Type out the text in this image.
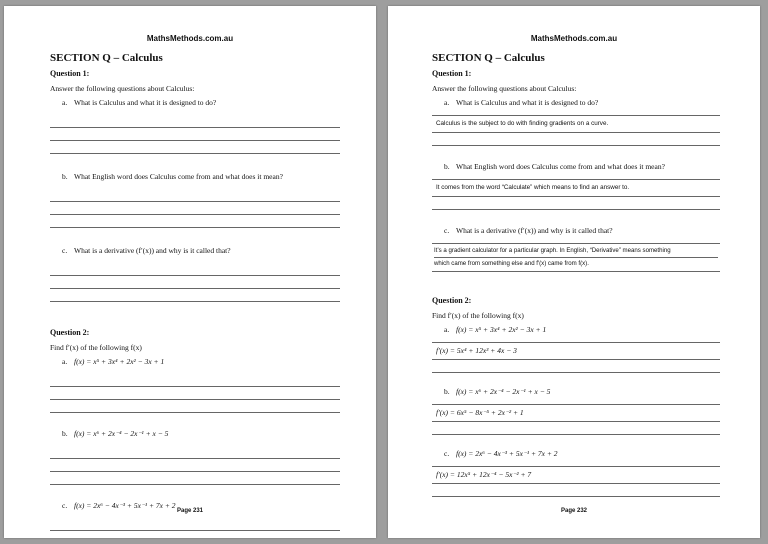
MathsMethods.com.au
SECTION Q – Calculus
Question 1:
Answer the following questions about Calculus:
a. What is Calculus and what it is designed to do?
b. What English word does Calculus come from and what does it mean?
c. What is a derivative (f′(x)) and why is it called that?
Question 2:
Find f′(x) of the following f(x)
a. f(x) = x⁵ + 3x⁴ + 2x² − 3x + 1
b. f(x) = x⁶ + 2x⁻⁴ − 2x⁻¹ + x − 5
c. f(x) = 2x⁶ − 4x⁻³ + 5x⁻¹ + 7x + 2
Page 231
MathsMethods.com.au
SECTION Q – Calculus
Question 1:
Answer the following questions about Calculus:
a. What is Calculus and what it is designed to do?
Calculus is the subject to do with finding gradients on a curve.
b. What English word does Calculus come from and what does it mean?
It comes from the word “Calculate” which means to find an answer to.
c. What is a derivative (f′(x)) and why is it called that?
It’s a gradient calculator for a particular graph. In English, “Derivative” means something
which came from something else and f′(x) came from f(x).
Question 2:
Find f′(x) of the following f(x)
a. f(x) = x⁵ + 3x⁴ + 2x² − 3x + 1
f′(x) = 5x⁴ + 12x³ + 4x − 3
b. f(x) = x⁶ + 2x⁻⁴ − 2x⁻¹ + x − 5
f′(x) = 6x⁵ − 8x⁻⁵ + 2x⁻² + 1
c. f(x) = 2x⁶ − 4x⁻³ + 5x⁻¹ + 7x + 2
f′(x) = 12x⁵ + 12x⁻⁴ − 5x⁻² + 7
Page 232
